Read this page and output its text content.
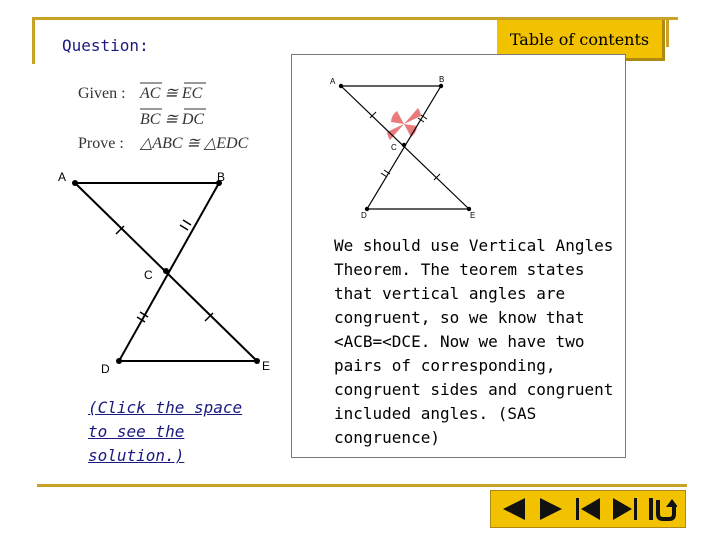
Question:	Table of contents
A	B
C
D	E
We should use Vertical Angles Theorem. The teorem states that vertical angles are congruent, so we know that <ACB=<DCE. Now we have two pairs of corresponding, congruent sides and congruent included angles. (SAS congruence)
Given : AC ≅ EC
BC ≅ DC
Prove : △ABC ≅ △EDC
A	B
C
D	E
(Click the space to see the solution.)
